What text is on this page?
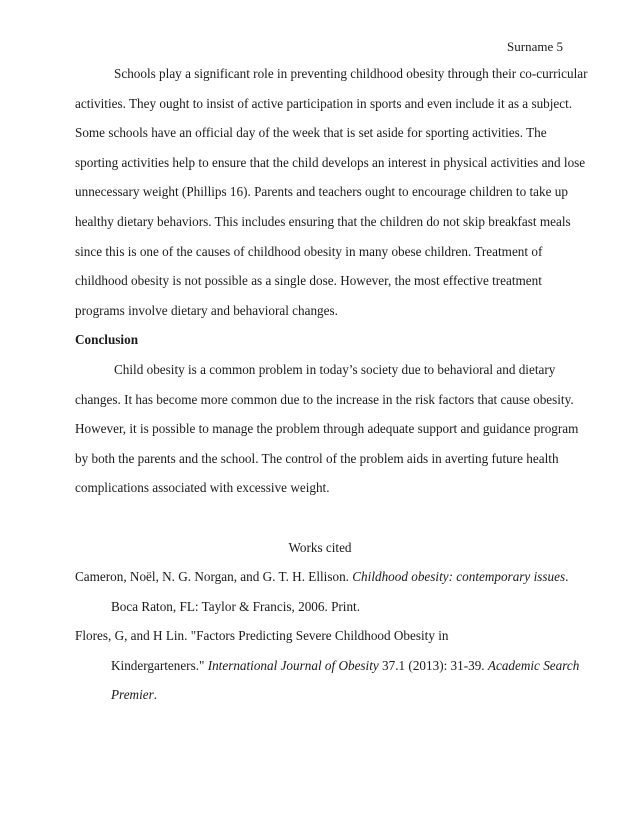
Surname 5
Schools play a significant role in preventing childhood obesity through their co-curricular
activities. They ought to insist of active participation in sports and even include it as a subject.
Some schools have an official day of the week that is set aside for sporting activities. The
sporting activities help to ensure that the child develops an interest in physical activities and lose
unnecessary weight (Phillips 16). Parents and teachers ought to encourage children to take up
healthy dietary behaviors. This includes ensuring that the children do not skip breakfast meals
since this is one of the causes of childhood obesity in many obese children. Treatment of
childhood obesity is not possible as a single dose. However, the most effective treatment
programs involve dietary and behavioral changes.
Conclusion
Child obesity is a common problem in today’s society due to behavioral and dietary
changes. It has become more common due to the increase in the risk factors that cause obesity.
However, it is possible to manage the problem through adequate support and guidance program
by both the parents and the school. The control of the problem aids in averting future health
complications associated with excessive weight.
Works cited
Cameron, Noël, N. G. Norgan, and G. T. H. Ellison. Childhood obesity: contemporary issues.
Boca Raton, FL: Taylor & Francis, 2006. Print.
Flores, G, and H Lin. "Factors Predicting Severe Childhood Obesity in
Kindergarteners." International Journal of Obesity 37.1 (2013): 31-39. Academic Search
Premier.
